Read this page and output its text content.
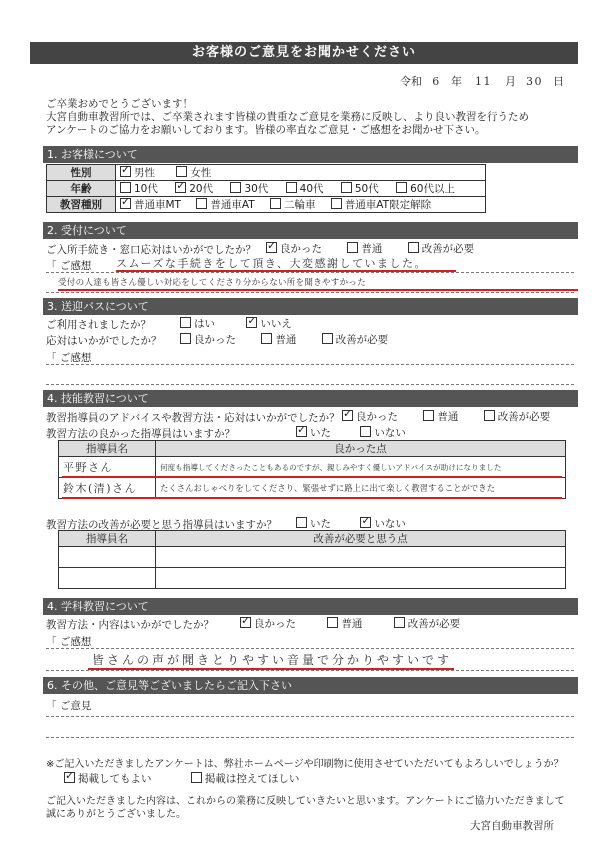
お客様のご意見をお聞かせください
令和 6 年 11 月 30 日
ご卒業おめでとうございます！
大宮自動車教習所では、ご卒業されます皆様の貴重なご意見を業務に反映し、より良い教習を行うため
アンケートのご協力をお願いしております。皆様の率直なご意見・ご感想をお聞かせ下さい。
1. お客様について
性別	✓男性 女性
年齢	10代 ✓ 20代 30代 40代 50代 60代以上
教習種別	✓普通車MT 普通車AT 二輪車 普通車AT限定解除
2. 受付について
ご入所手続き・窓口応対はいかがでしたか？ ✓	良かった	普通	改善が必要
「 ご感想 スムーズな手続きをして頂き、大変感謝していました。
受付の人達も皆さん優しい対応をしてくださり分からない所を聞きやすかった
3. 送迎バスについて
ご利用されましたか？	はい ✓	いいえ
応対はいかがでしたか？	良かった	普通	改善が必要
「 ご感想
4. 技能教習について
教習指導員のアドバイスや教習方法・応対はいかがでしたか？ ✓	良かった	普通	改善が必要
教習方法の良かった指導員はいますか？ ✓	いた	いない
指導員名	良かった点
平野さん	何度も指導してくださったこともあるのですが、親しみやすく優しいアドバイスが助けになりました
鈴木(清)さん	たくさんおしゃべりをしてくださり、緊張せずに路上に出て楽しく教習することができた
教習方法の改善が必要と思う指導員はいますか？	いた ✓	いない
指導員名	改善が必要と思う点

4. 学科教習について
教習方法・内容はいかがでしたか？ ✓	良かった	普通	改善が必要
「 ご感想
皆さんの声が聞きとりやすい音量で分かりやすいです
6. その他、ご意見等ございましたらご記入下さい
「 ご意見
※ご記入いただきましたアンケートは、弊社ホームページや印刷物に使用させていただいてもよろしいでしょうか？
✓掲載してもよい	掲載は控えてほしい
ご記入いただきました内容は、これからの業務に反映していきたいと思います。アンケートにご協力いただきまして
誠にありがとうございました。
大宮自動車教習所
